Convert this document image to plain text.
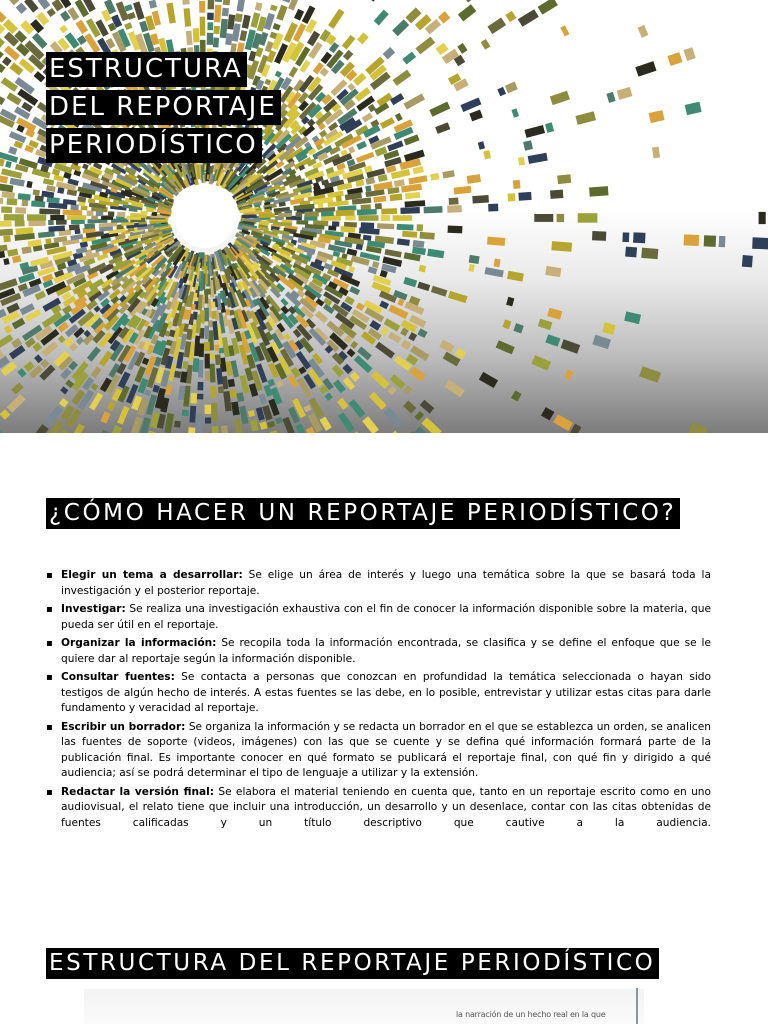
ESTRUCTURA
DEL REPORTAJE
PERIODÍSTICO
¿CÓMO HACER UN REPORTAJE PERIODÍSTICO?
▪ Elegir un tema a desarrollar: Se elige un área de interés y luego una temática sobre la que se basará toda la investigación y el posterior reportaje.
▪ Investigar: Se realiza una investigación exhaustiva con el fin de conocer la información disponible sobre la materia, que pueda ser útil en el reportaje.
▪ Organizar la información: Se recopila toda la información encontrada, se clasifica y se define el enfoque que se le quiere dar al reportaje según la información disponible.
▪ Consultar fuentes: Se contacta a personas que conozcan en profundidad la temática seleccionada o hayan sido testigos de algún hecho de interés. A estas fuentes se las debe, en lo posible, entrevistar y utilizar estas citas para darle fundamento y veracidad al reportaje.
▪ Escribir un borrador: Se organiza la información y se redacta un borrador en el que se establezca un orden, se analicen las fuentes de soporte (videos, imágenes) con las que se cuente y se defina qué información formará parte de la publicación final. Es importante conocer en qué formato se publicará el reportaje final, con qué fin y dirigido a qué audiencia; así se podrá determinar el tipo de lenguaje a utilizar y la extensión.
▪ Redactar la versión final: Se elabora el material teniendo en cuenta que, tanto en un reportaje escrito como en uno audiovisual, el relato tiene que incluir una introducción, un desarrollo y un desenlace, contar con las citas obtenidas de fuentes calificadas y un título descriptivo que cautive a la audiencia.
ESTRUCTURA DEL REPORTAJE PERIODÍSTICO
la narración de un hecho real en la que
